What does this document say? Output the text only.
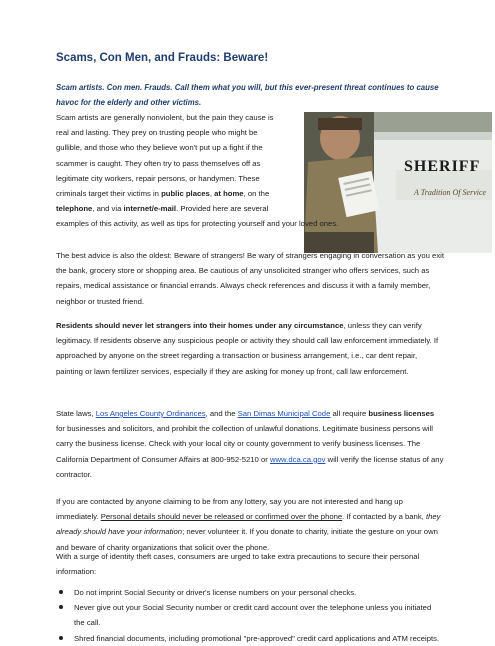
Scams, Con Men, and Frauds: Beware!
Scam artists. Con men. Frauds. Call them what you will, but this ever-present threat continues to cause havoc for the elderly and other victims.
SHERIFF
A Tradition Of Service
Scam artists are generally nonviolent, but the pain they cause is
real and lasting. They prey on trusting people who might be
gullible, and those who they believe won't put up a fight if the
scammer is caught. They often try to pass themselves off as
legitimate city workers, repair persons, or handymen. These
criminals target their victims in public places, at home, on the
telephone, and via internet/e-mail. Provided here are several
examples of this activity, as well as tips for protecting yourself and your loved ones.
The best advice is also the oldest: Beware of strangers! Be wary of strangers engaging in conversation as you exit the bank, grocery store or shopping area. Be cautious of any unsolicited stranger who offers services, such as repairs, medical assistance or financial errands. Always check references and discuss it with a family member, neighbor or trusted friend.
Residents should never let strangers into their homes under any circumstance, unless they can verify legitimacy. If residents observe any suspicious people or activity they should call law enforcement immediately. If approached by anyone on the street regarding a transaction or business arrangement, i.e., car dent repair, painting or lawn fertilizer services, especially if they are asking for money up front, call law enforcement.
State laws, Los Angeles County Ordinances, and the San Dimas Municipal Code all require business licenses for businesses and solicitors, and prohibit the collection of unlawful donations. Legitimate business persons will carry the business license. Check with your local city or county government to verify business licenses. The California Department of Consumer Affairs at 800-952-5210 or www.dca.ca.gov will verify the license status of any contractor.
If you are contacted by anyone claiming to be from any lottery, say you are not interested and hang up immediately. Personal details should never be released or confirmed over the phone. If contacted by a bank, they already should have your information; never volunteer it. If you donate to charity, initiate the gesture on your own and beware of charity organizations that solicit over the phone.
With a surge of identity theft cases, consumers are urged to take extra precautions to secure their personal information:
Do not imprint Social Security or driver's license numbers on your personal checks.
Never give out your Social Security number or credit card account over the telephone unless you initiated the call.
Shred financial documents, including promotional "pre-approved" credit card applications and ATM receipts.
